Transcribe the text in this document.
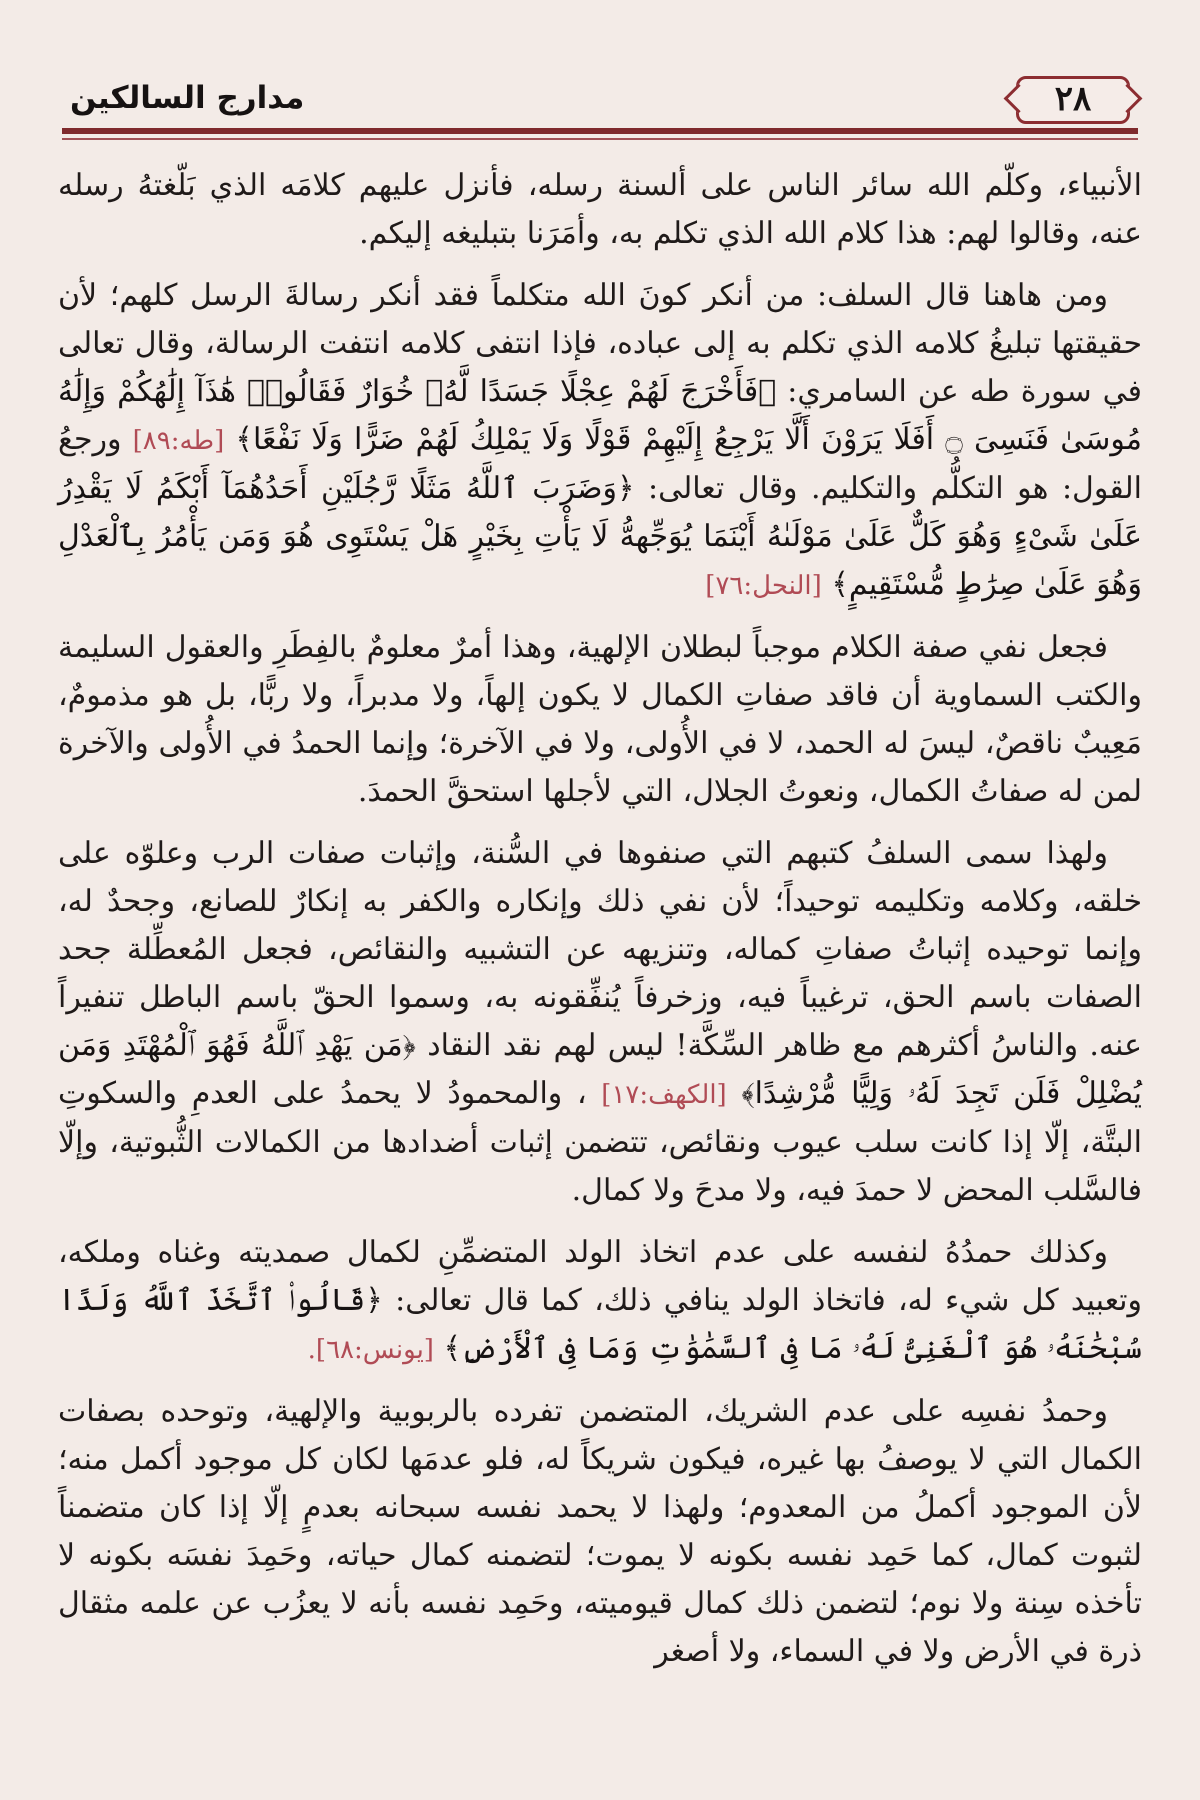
٢٨
مدارج السالكين

الأنبياء، وكلّم الله سائر الناس على ألسنة رسله، فأنزل عليهم كلامَه الذي بَلّغتهُ رسله عنه، وقالوا لهم: هذا كلام الله الذي تكلم به، وأمَرَنا بتبليغه إليكم.

ومن هاهنا قال السلف: من أنكر كونَ الله متكلماً فقد أنكر رسالةَ الرسل كلهم؛ لأن حقيقتها تبليغُ كلامه الذي تكلم به إلى عباده، فإذا انتفى كلامه انتفت الرسالة، وقال تعالى في سورة طه عن السامري: ﴿فَأَخْرَجَ لَهُمْ عِجْلًا جَسَدًا لَّهُۥ خُوَارٌ فَقَالُوا۟ هَٰذَآ إِلَٰهُكُمْ وَإِلَٰهُ مُوسَىٰ فَنَسِىَ ۝ أَفَلَا يَرَوْنَ أَلَّا يَرْجِعُ إِلَيْهِمْ قَوْلًا وَلَا يَمْلِكُ لَهُمْ ضَرًّا وَلَا نَفْعًا﴾ [طه:٨٩] ورجعُ القول: هو التكلُّم والتكليم. وقال تعالى: ﴿وَضَرَبَ ٱللَّهُ مَثَلًا رَّجُلَيْنِ أَحَدُهُمَآ أَبْكَمُ لَا يَقْدِرُ عَلَىٰ شَىْءٍ وَهُوَ كَلٌّ عَلَىٰ مَوْلَىٰهُ أَيْنَمَا يُوَجِّههُّ لَا يَأْتِ بِخَيْرٍ هَلْ يَسْتَوِى هُوَ وَمَن يَأْمُرُ بِٱلْعَدْلِ وَهُوَ عَلَىٰ صِرَٰطٍ مُّسْتَقِيمٍ﴾ [النحل:٧٦]

فجعل نفي صفة الكلام موجباً لبطلان الإلهية، وهذا أمرٌ معلومٌ بالفِطَرِ والعقول السليمة والكتب السماوية أن فاقد صفاتِ الكمال لا يكون إلهاً، ولا مدبراً، ولا ربًّا، بل هو مذمومٌ، مَعِيبٌ ناقصٌ، ليسَ له الحمد، لا في الأُولى، ولا في الآخرة؛ وإنما الحمدُ في الأُولى والآخرة لمن له صفاتُ الكمال، ونعوتُ الجلال، التي لأجلها استحقَّ الحمدَ.

ولهذا سمى السلفُ كتبهم التي صنفوها في السُّنة، وإثبات صفات الرب وعلوّه على خلقه، وكلامه وتكليمه توحيداً؛ لأن نفي ذلك وإنكاره والكفر به إنكارٌ للصانع، وجحدٌ له، وإنما توحيده إثباتُ صفاتِ كماله، وتنزيهه عن التشبيه والنقائص، فجعل المُعطِّلة جحد الصفات باسم الحق، ترغيباً فيه، وزخرفاً يُنفِّقونه به، وسموا الحقّ باسم الباطل تنفيراً عنه. والناسُ أكثرهم مع ظاهر السِّكَّة! ليس لهم نقد النقاد ﴿مَن يَهْدِ ٱللَّهُ فَهُوَ ٱلْمُهْتَدِ وَمَن يُضْلِلْ فَلَن تَجِدَ لَهُۥ وَلِيًّا مُّرْشِدًا﴾ [الكهف:١٧] ، والمحمودُ لا يحمدُ على العدمِ والسكوتِ البتَّة، إلّا إذا كانت سلب عيوب ونقائص، تتضمن إثبات أضدادها من الكمالات الثُّبوتية، وإلّا فالسَّلب المحض لا حمدَ فيه، ولا مدحَ ولا كمال.

وكذلك حمدُهُ لنفسه على عدم اتخاذ الولد المتضمِّنِ لكمال صمديته وغناه وملكه، وتعبيد كل شيء له، فاتخاذ الولد ينافي ذلك، كما قال تعالى: ﴿قَالُوا۟ ٱتَّخَذَ ٱللَّهُ وَلَدًا سُبْحَٰنَهُۥ هُوَ ٱلْغَنِىُّ لَهُۥ مَا فِى ٱلسَّمَٰوَٰتِ وَمَا فِى ٱلْأَرْضِ﴾ [يونس:٦٨].

وحمدُ نفسِه على عدم الشريك، المتضمن تفرده بالربوبية والإلهية، وتوحده بصفات الكمال التي لا يوصفُ بها غيره، فيكون شريكاً له، فلو عدمَها لكان كل موجود أكمل منه؛ لأن الموجود أكملُ من المعدوم؛ ولهذا لا يحمد نفسه سبحانه بعدمٍ إلّا إذا كان متضمناً لثبوت كمال، كما حَمِد نفسه بكونه لا يموت؛ لتضمنه كمال حياته، وحَمِدَ نفسَه بكونه لا تأخذه سِنة ولا نوم؛ لتضمن ذلك كمال قيوميته، وحَمِد نفسه بأنه لا يعزُب عن علمه مثقال ذرة في الأرض ولا في السماء، ولا أصغر
